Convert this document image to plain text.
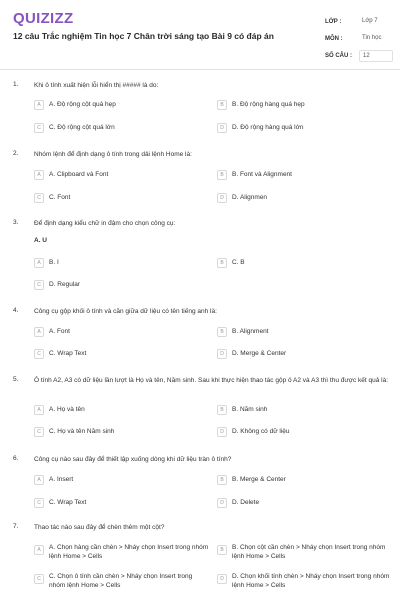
QUIZIZZ
12 câu Trắc nghiệm Tin học 7 Chân trời sáng tạo Bài 9 có đáp án
LỚP :	Lớp 7
MÔN :	Tin học
SỐ CÂU :	12
1. Khi ô tính xuất hiện lỗi hiển thị ##### là do:
A	A. Độ rộng cột quá hẹp	B	B. Độ rộng hàng quá hẹp
C	C. Độ rộng cột quá lớn	D	D. Độ rộng hàng quá lớn
2. Nhóm lệnh để định dạng ô tính trong dải lệnh Home là:
A	A. Clipboard và Font	B	B. Font và Alignment
C	C. Font	D	D. Alignmen
3. Để định dạng kiểu chữ in đậm cho chọn công cụ:
A. U
A	B. I	B	C. B
C	D. Regular
4. Công cụ gộp khối ô tính và căn giữa dữ liệu có tên tiếng anh là:
A	A. Font	B	B. Alignment
C	C. Wrap Text	D	D. Merge & Center
5. Ô tính A2, A3 có dữ liệu lần lượt là Họ và tên, Năm sinh. Sau khi thực hiện thao tác gộp ô A2 và A3 thì thu được kết quả là:
A	A. Họ và tên	B	B. Năm sinh
C	C. Họ và tên Năm sinh	D	D. Không có dữ liệu
6. Công cụ nào sau đây để thiết lập xuống dòng khi dữ liệu tràn ô tính?
A	A. Insert	B	B. Merge & Center
C	C. Wrap Text	D	D. Delete
7. Thao tác nào sau đây để chèn thêm một cột?
A	A. Chọn hàng cần chèn > Nháy chọn Insert trong nhóm lệnh Home > Cells
B	B. Chọn cột cần chèn > Nháy chọn Insert trong nhóm lệnh Home > Cells
C	C. Chọn ô tính cần chèn > Nháy chọn Insert trong nhóm lệnh Home > Cells
D	D. Chọn khối tính chèn > Nháy chọn Insert trong nhóm lệnh Home > Cells
